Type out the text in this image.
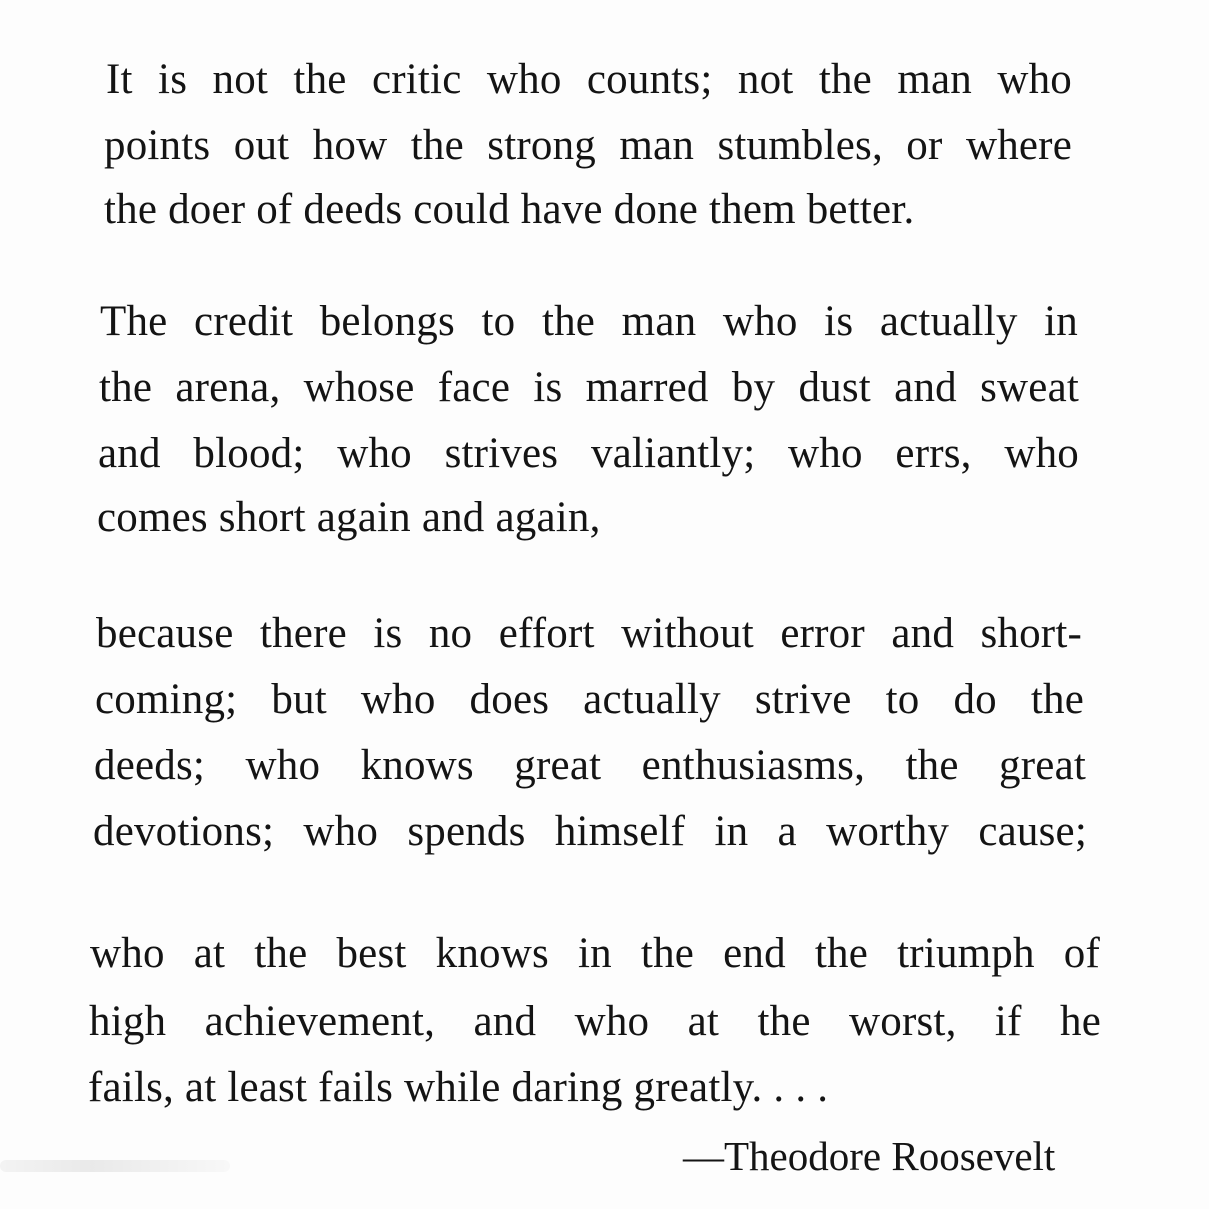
It is not the critic who counts; not the man who
points out how the strong man stumbles, or where
the doer of deeds could have done them better.
The credit belongs to the man who is actually in
the arena, whose face is marred by dust and sweat
and blood; who strives valiantly; who errs, who
comes short again and again,
because there is no effort without error and short-
coming; but who does actually strive to do the
deeds; who knows great enthusiasms, the great
devotions; who spends himself in a worthy cause;
who at the best knows in the end the triumph of
high achievement, and who at the worst, if he
fails, at least fails while daring greatly. . . .
—Theodore Roosevelt
